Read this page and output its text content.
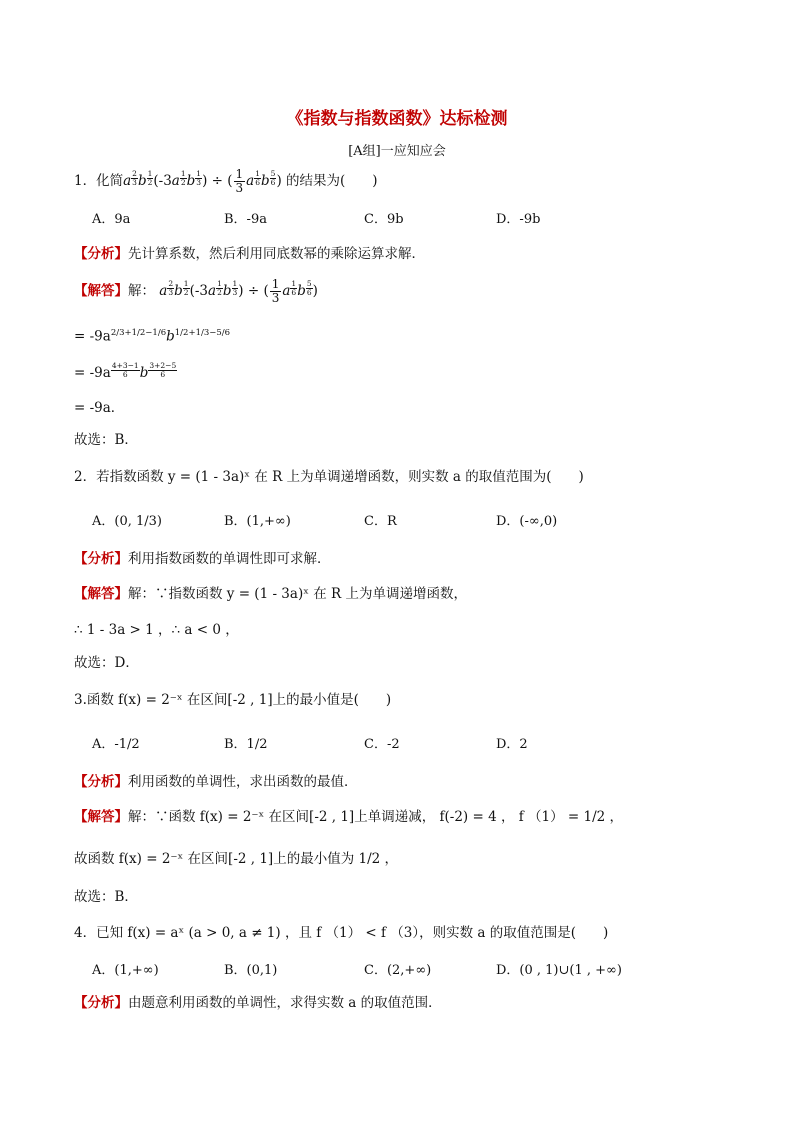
《指数与指数函数》达标检测
[A组]一应知应会
1．化简a $\frac{2}{3}$ b $\frac{1}{2} (-3a \frac{1}{2}$ b $\frac{1}{3}$ ) ÷ ( $\frac{1}{3}$ a $\frac{1}{6}$ b $\frac{5}{6}$ ) 的结果为(　　)
A．9a	B．-9a	C．9b	D．-9b
【分析】先计算系数，然后利用同底数幂的乘除运算求解．
【解答】解： a $\frac{2}{3}$ b $\frac{1}{2} (-3a \frac{1}{2}$ b $\frac{1}{3}$ ) ÷ ( $\frac{1}{3}$ a $\frac{1}{6}$ b $\frac{5}{6}$ )
= $-9a^{2/3+1/2-1/6}b^{1/2+1/3-5/6}$
= $-9a \frac{4+3-1}{6}$ b $\frac{3+2-5}{6}$
= -9a．
故选：B．
2．若指数函数 y = (1 - 3a)ˣ 在 R 上为单调递增函数，则实数 a 的取值范围为(　　)
A．(0, 1/3)	B．(1,+∞)	C．R	D．(-∞,0)
【分析】利用指数函数的单调性即可求解．
【解答】解：∵指数函数 y = (1 - 3a)ˣ 在 R 上为单调递增函数，
∴ 1 - 3a > 1 ，∴ a < 0 ，
故选：D．
3.函数 f(x) = 2⁻ˣ 在区间[-2 , 1]上的最小值是(　　)
A．-1/2	B．1/2	C．-2	D．2
【分析】利用函数的单调性，求出函数的最值．
【解答】解：∵函数 f(x) = 2⁻ˣ 在区间[-2 , 1]上单调递减， f(-2) = 4 ， f （1） = 1/2 ，
故函数 f(x) = 2⁻ˣ 在区间[-2 , 1]上的最小值为 1/2 ，
故选：B．
4．已知 f(x) = aˣ (a > 0, a ≠ 1) ，且 f （1） < f （3），则实数 a 的取值范围是(　　)
A．(1,+∞)	B．(0,1)	C．(2,+∞)	D．(0 , 1)∪(1 , +∞)
【分析】由题意利用函数的单调性，求得实数 a 的取值范围．
